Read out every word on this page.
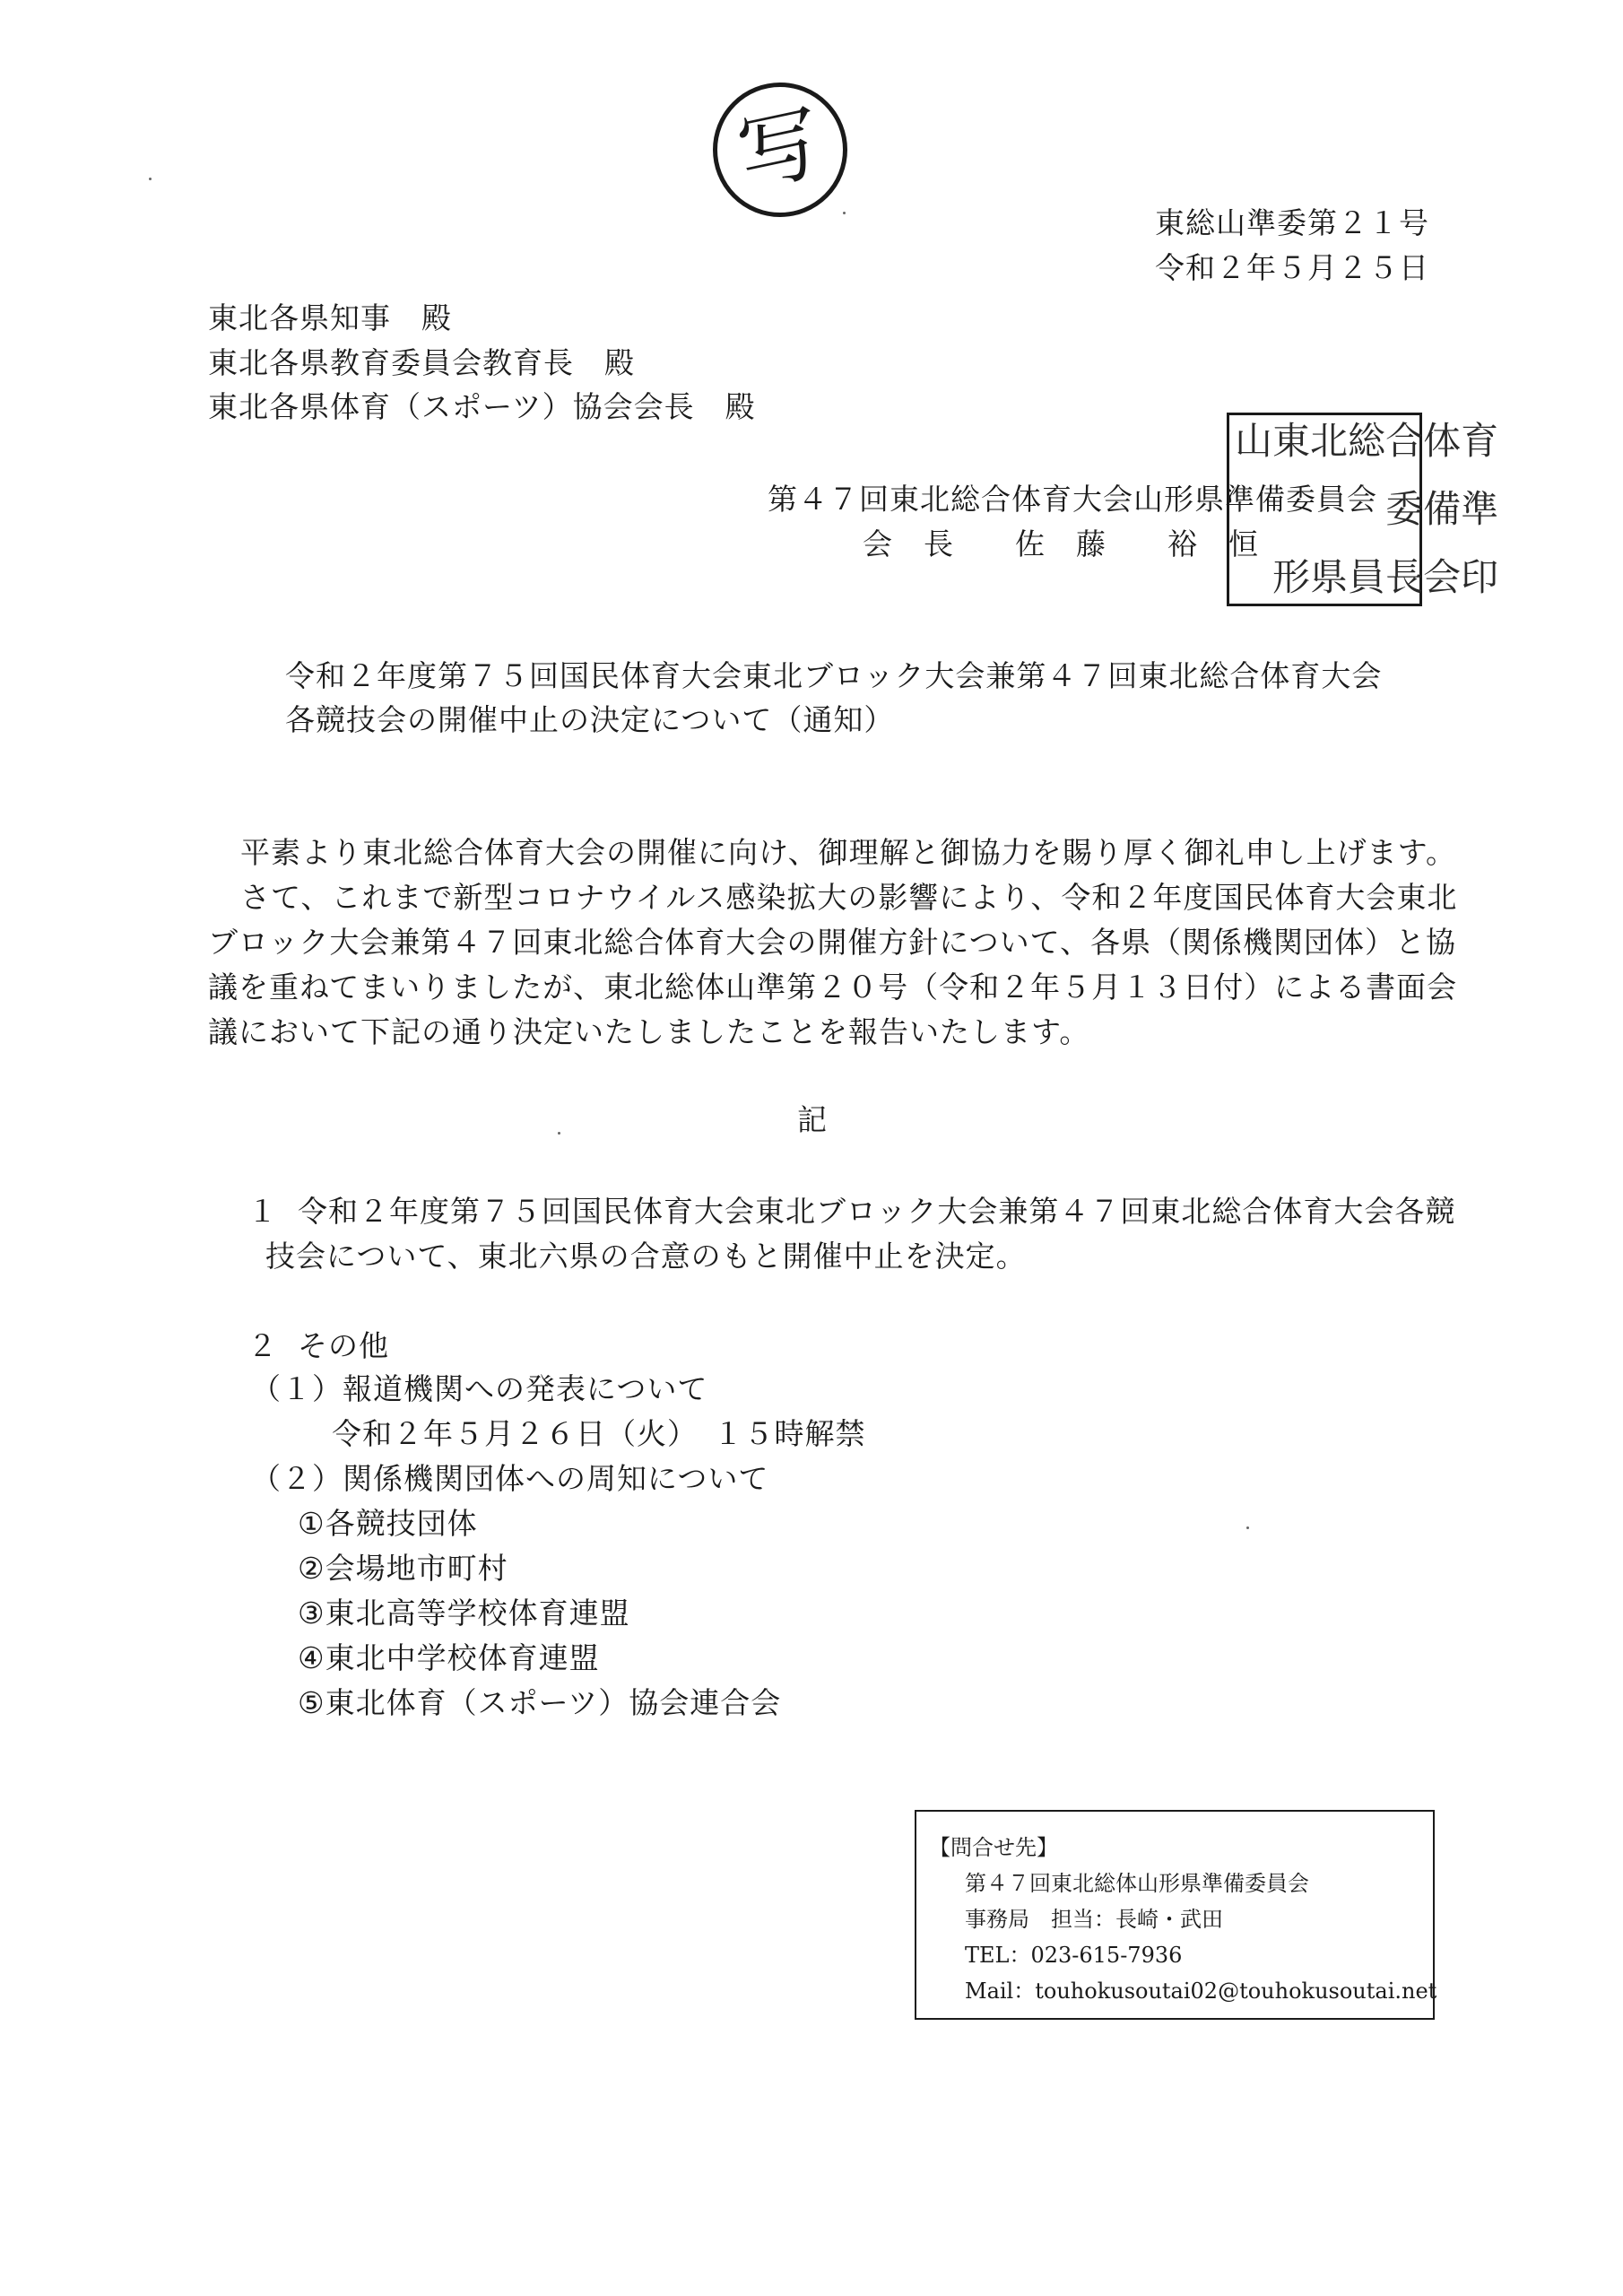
写
東総山準委第２１号
令和２年５月２５日
東北各県知事　殿
東北各県教育委員会教育長　殿
東北各県体育（スポーツ）協会会長　殿
第４７回東北総合体育大会山形県準備委員会
会　長　　佐　藤　　裕　恒
育
準
印
体
備
会
合
委
長
総
員
北
県
東
形
山
令和２年度第７５回国民体育大会東北ブロック大会兼第４７回東北総合体育大会
各競技会の開催中止の決定について（通知）
平素より東北総合体育大会の開催に向け、御理解と御協力を賜り厚く御礼申し上げます。
さて、これまで新型コロナウイルス感染拡大の影響により、令和２年度国民体育大会東北
ブロック大会兼第４７回東北総合体育大会の開催方針について、各県（関係機関団体）と協
議を重ねてまいりましたが、東北総体山準第２０号（令和２年５月１３日付）による書面会
議において下記の通り決定いたしましたことを報告いたします。
記
１ 令和２年度第７５回国民体育大会東北ブロック大会兼第４７回東北総合体育大会各競
技会について、東北六県の合意のもと開催中止を決定。
２ その他
（１）報道機関への発表について
令和２年５月２６日（火）　１５時解禁
（２）関係機関団体への周知について
①各競技団体
②会場地市町村
③東北高等学校体育連盟
④東北中学校体育連盟
⑤東北体育（スポーツ）協会連合会
【問合せ先】
第４７回東北総体山形県準備委員会
事務局　担当：長崎・武田
TEL：023-615-7936
Mail：touhokusoutai02@touhokusoutai.net
